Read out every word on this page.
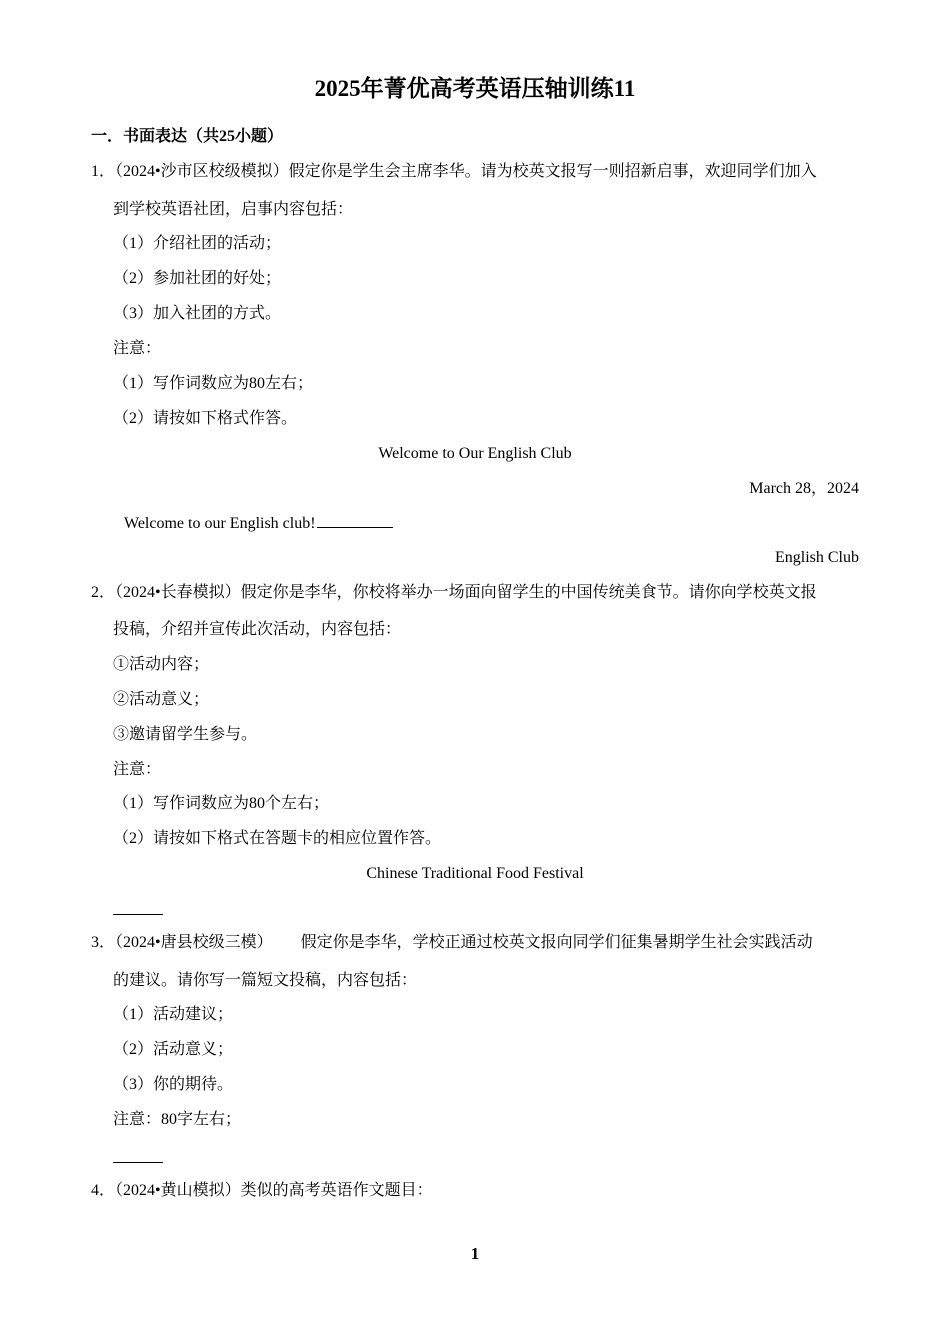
2025年菁优高考英语压轴训练11
一．书面表达（共25小题）
1．（2024•沙市区校级模拟）假定你是学生会主席李华。请为校英文报写一则招新启事，欢迎同学们加入
到学校英语社团，启事内容包括：
（1）介绍社团的活动；
（2）参加社团的好处；
（3）加入社团的方式。
注意：
（1）写作词数应为80左右；
（2）请按如下格式作答。
Welcome to Our English Club
March 28，2024
Welcome to our English club!
English Club
2．（2024•长春模拟）假定你是李华，你校将举办一场面向留学生的中国传统美食节。请你向学校英文报
投稿，介绍并宣传此次活动，内容包括：
①活动内容；
②活动意义；
③邀请留学生参与。
注意：
（1）写作词数应为80个左右；
（2）请按如下格式在答题卡的相应位置作答。
Chinese Traditional Food Festival
3．（2024•唐县校级三模） 假定你是李华，学校正通过校英文报向同学们征集暑期学生社会实践活动
的建议。请你写一篇短文投稿，内容包括：
（1）活动建议；
（2）活动意义；
（3）你的期待。
注意：80字左右；
4．（2024•黄山模拟）类似的高考英语作文题目：
1
